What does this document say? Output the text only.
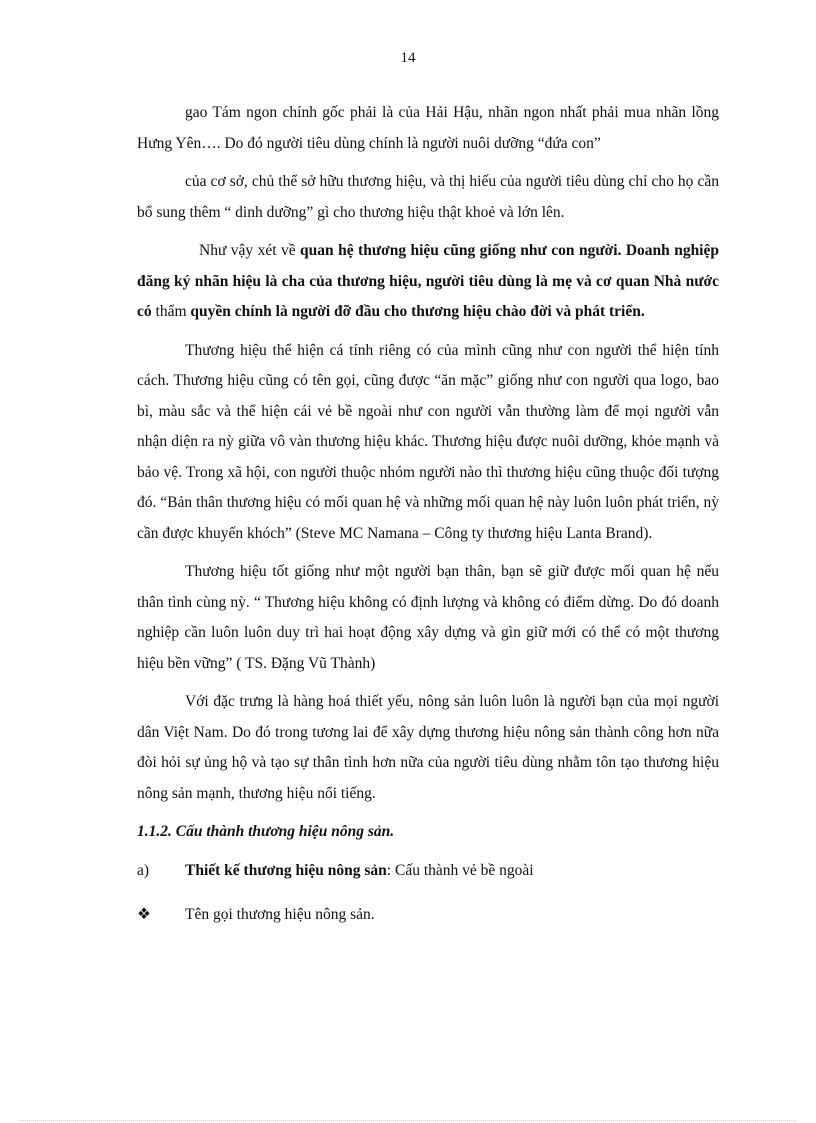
14

gao Tám ngon chính gốc phải là của Hải Hậu, nhãn ngon nhất phải mua nhãn lồng Hưng Yên…. Do đó người tiêu dùng chính là người nuôi dưỡng “đứa con”

của cơ sở, chủ thể sở hữu thương hiệu, và thị hiếu của người tiêu dùng chỉ cho họ cần bổ sung thêm “ dinh dưỡng” gì cho thương hiệu thật khoẻ và lớn lên.

Như vậy xét về quan hệ thương hiệu cũng giống như con người. Doanh nghiệp đăng ký nhãn hiệu là cha của thương hiệu, người tiêu dùng là mẹ và cơ quan Nhà nước có thẩm quyền chính là người đỡ đầu cho thương hiệu chào đời và phát triển.

Thương hiệu thể hiện cá tính riêng có của mình cũng như con người thể hiện tính cách. Thương hiệu cũng có tên gọi, cũng được “ăn mặc” giống như con người qua logo, bao bì, màu sắc và thể hiện cái vẻ bề ngoài như con người vẫn thường làm để mọi người vẫn nhận diện ra nỳ giữa vô vàn thương hiệu khác. Thương hiệu được nuôi dưỡng, khỏe mạnh và bảo vệ. Trong xã hội, con người thuộc nhóm người nào thì thương hiệu cũng thuộc đối tượng đó. “Bản thân thương hiệu có mối quan hệ và những mối quan hệ này luôn luôn phát triển, nỳ cần được khuyến khóch” (Steve MC Namana – Công ty thương hiệu Lanta Brand).

Thương hiệu tốt giống như một người bạn thân, bạn sẽ giữ được mối quan hệ nếu thân tình cùng nỳ. “ Thương hiệu không có định lượng và không có điểm dừng. Do đó doanh nghiệp cần luôn luôn duy trì hai hoạt động xây dựng và gìn giữ mới có thể có một thương hiệu bền vững” ( TS. Đặng Vũ Thành)

Với đặc trưng là hàng hoá thiết yếu, nông sản luôn luôn là người bạn của mọi người dân Việt Nam. Do đó trong tương lai để xây dựng thương hiệu nông sản thành công hơn nữa đòi hỏi sự ủng hộ và tạo sự thân tình hơn nữa của người tiêu dùng nhằm tôn tạo thương hiệu nông sản mạnh, thương hiệu nổi tiếng.

1.1.2. Cấu thành thương hiệu nông sản.

a)	Thiết kế thương hiệu nông sản: Cấu thành vẻ bề ngoài
❖	Tên gọi thương hiệu nông sản.
